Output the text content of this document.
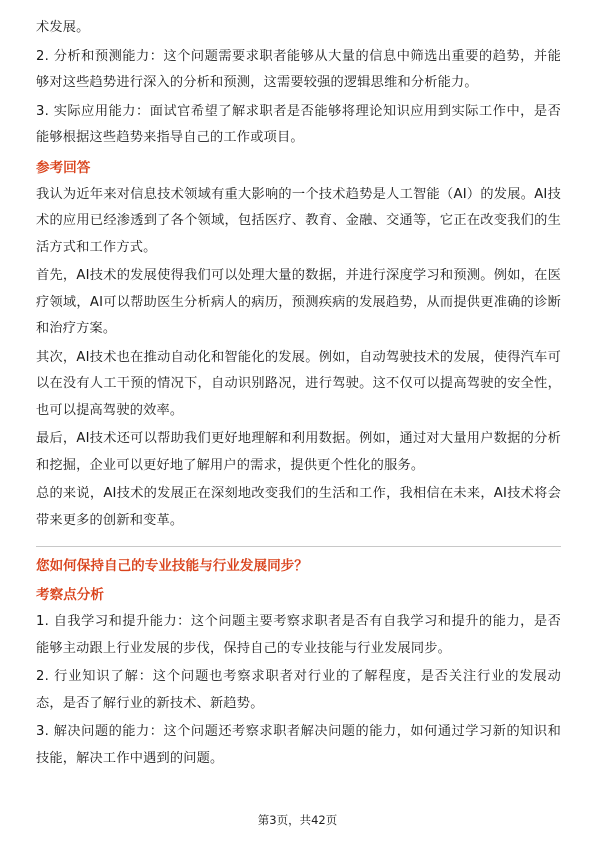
术发展。

2. 分析和预测能力：这个问题需要求职者能够从大量的信息中筛选出重要的趋势，并能够对这些趋势进行深入的分析和预测，这需要较强的逻辑思维和分析能力。

3. 实际应用能力：面试官希望了解求职者是否能够将理论知识应用到实际工作中，是否能够根据这些趋势来指导自己的工作或项目。

参考回答

我认为近年来对信息技术领域有重大影响的一个技术趋势是人工智能（AI）的发展。AI技术的应用已经渗透到了各个领域，包括医疗、教育、金融、交通等，它正在改变我们的生活方式和工作方式。

首先，AI技术的发展使得我们可以处理大量的数据，并进行深度学习和预测。例如，在医疗领域，AI可以帮助医生分析病人的病历，预测疾病的发展趋势，从而提供更准确的诊断和治疗方案。

其次，AI技术也在推动自动化和智能化的发展。例如，自动驾驶技术的发展，使得汽车可以在没有人工干预的情况下，自动识别路况，进行驾驶。这不仅可以提高驾驶的安全性，也可以提高驾驶的效率。

最后，AI技术还可以帮助我们更好地理解和利用数据。例如，通过对大量用户数据的分析和挖掘，企业可以更好地了解用户的需求，提供更个性化的服务。

总的来说，AI技术的发展正在深刻地改变我们的生活和工作，我相信在未来，AI技术将会带来更多的创新和变革。

您如何保持自己的专业技能与行业发展同步？
考察点分析

1. 自我学习和提升能力：这个问题主要考察求职者是否有自我学习和提升的能力，是否能够主动跟上行业发展的步伐，保持自己的专业技能与行业发展同步。

2. 行业知识了解：这个问题也考察求职者对行业的了解程度，是否关注行业的发展动态，是否了解行业的新技术、新趋势。

3. 解决问题的能力：这个问题还考察求职者解决问题的能力，如何通过学习新的知识和技能，解决工作中遇到的问题。

第3页，共42页
